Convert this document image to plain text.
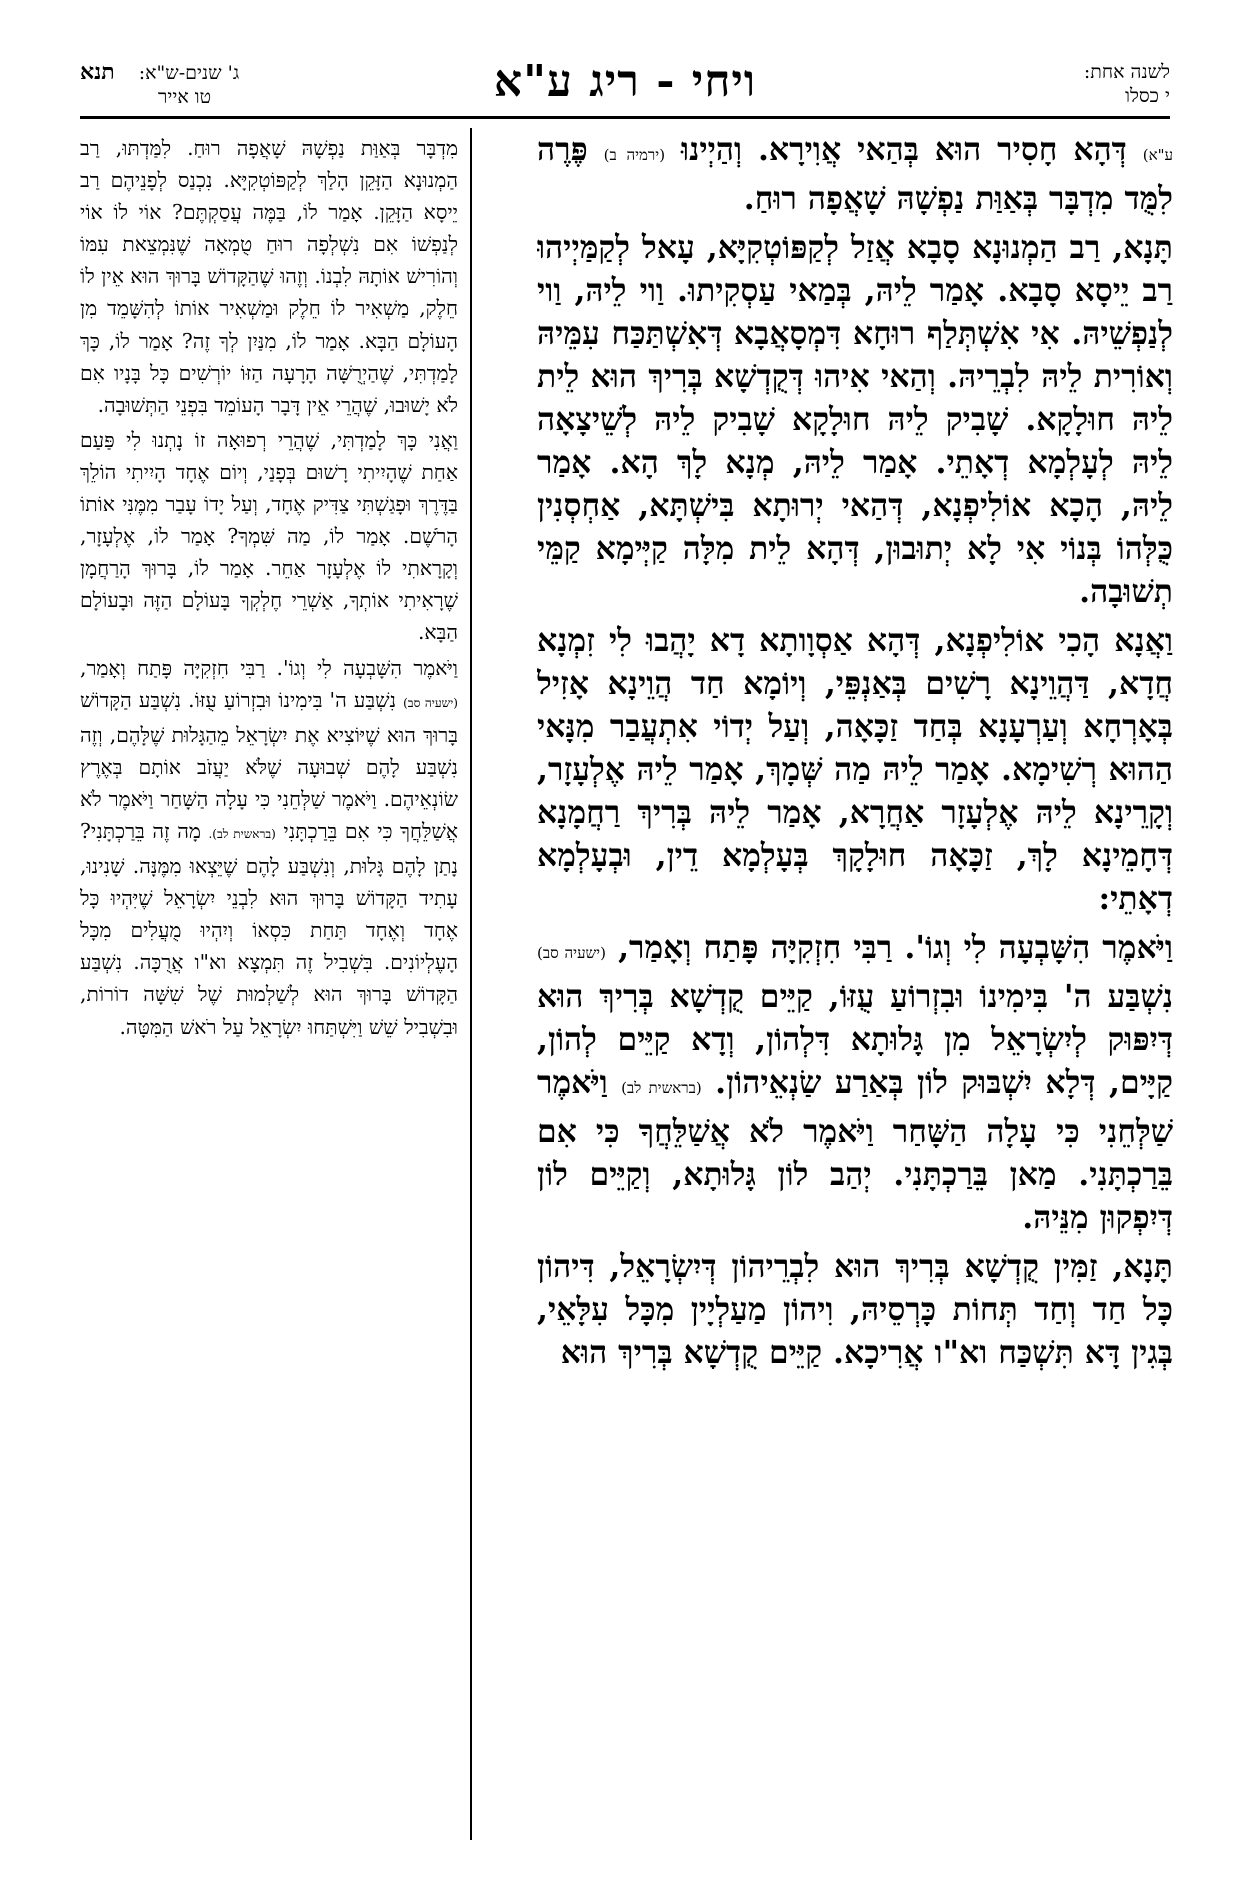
לשנה אחת:
י כסלו
ויחי - ריג ע"א
ג' שנים-ש"א: תנא
טו אייר

ע"א) דְּהָא חָסִיר הוּא בְּהַאי אֲוִירָא. וְהַיְינוּ (ירמיה ב) פֶּרֶה לִמֻּד מִדְבָּר בְּאַוַּת נַפְשָׁהּ שָׁאֲפָה רוּחַ.

תָּנָא, רַב הַמְנוּנָא סָבָא אֲזַל לְקַפּוֹטְקִיָּא, עָאל לְקַמַּיְיהוּ רַב יֵיסָא סָבָא. אָמַר לֵיהּ, בְּמַאי עַסְקִיתוּ. וַוי לֵיהּ, וַוי לְנַפְשֵׁיהּ. אִי אִשְׁתְּלַף רוּחָא דִּמְסָאֲבָא דְּאִשְׁתַּכַּח עִמֵּיהּ וְאוֹרִית לֵיהּ לִבְרֵיהּ. וְהַאי אִיהוּ דְּקֻדְשָׁא בְּרִיךְ הוּא לֵית לֵיהּ חוּלָקָא. שָׁבִיק לֵיהּ חוּלָקָא שָׁבִיק לֵיהּ לְשֵׁיצָאָה לֵיהּ לְעָלְמָא דְאָתֵי. אָמַר לֵיהּ, מְנָא לָךְ הָא. אָמַר לֵיהּ, הָכָא אוֹלִיפְנָא, דְּהַאי יְרוּתָא בִּישְׁתָּא, אַחְסְנִין כֻּלְּהוֹ בְּנוֹי אִי לָא יְתוּבוּן, דְּהָא לֵית מִלָּה קַיְּימָא קַמֵּי תְשׁוּבָה.

וַאֲנָא הָכִי אוֹלִיפְנָא, דְּהָא אַסְוָותָא דָא יָהֲבוּ לִי זִמְנָא חֲדָא, דַּהֲוֵינָא רָשִׁים בְּאַנְפֵּי, וְיוֹמָא חַד הֲוֵינָא אָזִיל בְּאָרְחָא וְעַרְעָנָא בְּחַד זַכָּאָה, וְעַל יְדוֹי אִתְעֲבַר מִנָּאי הַהוּא רְשִׁימָא. אָמַר לֵיהּ מַה שְּׁמָךְ, אָמַר לֵיהּ אֶלְעָזָר, וְקָרֵינָא לֵיהּ אֶלְעָזָר אַחֲרָא, אָמַר לֵיהּ בְּרִיךְ רַחֲמָנָא דְּחָמֵינָא לָךְ, זַכָּאָה חוּלָקָךְ בְּעָלְמָא דֵין, וּבְעָלְמָא דְאָתֵי:

וַיֹּאמֶר הִשָּׁבְעָה לִי וְגוֹ'. רַבִּי חִזְקִיָּה פָּתַח וְאָמַר, (ישעיה סב) נִשְׁבַּע ה' בִּימִינוֹ וּבִזְרוֹעַ עֻזּוֹ, קַיֵּים קֻדְשָׁא בְּרִיךְ הוּא דְּיִפּוּק לְיִשְׂרָאֵל מִן גָּלוּתָא דִּלְהוֹן, וְדָא קַיֵּים לְהוֹן, קַיָּים, דְּלָא יִשְׁבּוּק לוֹן בְּאַרַע שַׂנְאֵיהוֹן. (בראשית לב) וַיֹּאמֶר שַׁלְּחֵנִי כִּי עָלָה הַשָּׁחַר וַיֹּאמֶר לֹא אֲשַׁלֵּחֲךָ כִּי אִם בֵּרַכְתָּנִי. מַאן בֵּרַכְתָּנִי. יְהַב לוֹן גָּלוּתָא, וְקַיֵּים לוֹן דְּיִפְקוּן מִנֵּיהּ.

תָּנָא, זַמִּין קֻדְשָׁא בְּרִיךְ הוּא לִבְרֵיהוֹן דְּיִשְׂרָאֵל, דִּיהוֹן כָּל חַד וְחַד תְּחוֹת כָּרְסֵיהּ, וִיהוֹן מַעַלְיָין מִכָּל עִלָּאֵי, בְּגִין דָּא תִּשְׁכַּח וא"ו אֲרִיכָא. קַיֵּים קֻדְשָׁא בְּרִיךְ הוּא

מִדְבָּר בְּאַוַּת נַפְשָׁהּ שָׁאֲפָה רוּחַ. לִמַּדְתּוּ, רַב הַמְנוּנָא הַזָּקֵן הָלַךְ לְקַפּוֹטְקִיָּא. נִכְנַס לְפָנֵיהֶם רַב יֵיסָא הַזָּקֵן. אָמַר לוֹ, בַּמֶּה עֲסַקְתֶּם? אוֹי לוֹ אוֹי לְנַפְשׁוֹ אִם נִשְׁלְפָה רוּחַ טֻמְאָה שֶׁנִּמְצֵאת עִמּוֹ וְהוֹרִישׁ אוֹתָהּ לִבְנוֹ. וְזֶהוּ שֶׁהַקָּדוֹשׁ בָּרוּךְ הוּא אֵין לוֹ חֵלֶק, מַשְׁאִיר לוֹ חֵלֶק וּמַשְׁאִיר אוֹתוֹ לְהִשָּׁמֵד מִן הָעוֹלָם הַבָּא. אָמַר לוֹ, מִנַּיִן לְךָ זֶה? אָמַר לוֹ, כָּךְ לָמַדְתִּי, שֶׁהַיְרֻשָּׁה הָרָעָה הַזּוֹ יוֹרְשִׁים כָּל בָּנָיו אִם לֹא יָשׁוּבוּ, שֶׁהֲרֵי אֵין דָּבָר הָעוֹמֵד בִּפְנֵי הַתְּשׁוּבָה.

וַאֲנִי כָּךְ לָמַדְתִּי, שֶׁהֲרֵי רְפוּאָה זוֹ נָתְנוּ לִי פַּעַם אַחַת שֶׁהָיִיתִי רָשׁוּם בְּפָנַי, וְיוֹם אֶחָד הָיִיתִי הוֹלֵךְ בַּדֶּרֶךְ וּפָגַשְׁתִּי צַדִּיק אֶחָד, וְעַל יָדוֹ עָבַר מִמֶּנִּי אוֹתוֹ הָרֹשֶׁם. אָמַר לוֹ, מַה שִּׁמְךָ? אָמַר לוֹ, אֶלְעָזָר, וְקָרָאתִי לוֹ אֶלְעָזָר אַחֵר. אָמַר לוֹ, בָּרוּךְ הָרַחֲמָן שֶׁרָאִיתִי אוֹתְךָ, אַשְׁרֵי חֶלְקְךָ בָּעוֹלָם הַזֶּה וּבָעוֹלָם הַבָּא.

וַיֹּאמֶר הִשָּׁבְעָה לִי וְגוֹ'. רַבִּי חִזְקִיָּה פָּתַח וְאָמַר, (ישעיה סב) נִשְׁבַּע ה' בִּימִינוֹ וּבִזְרוֹעַ עֻזּוֹ. נִשְׁבַּע הַקָּדוֹשׁ בָּרוּךְ הוּא שֶׁיּוֹצִיא אֶת יִשְׂרָאֵל מֵהַגָּלוּת שֶׁלָּהֶם, וְזֶה נִשְׁבַּע לָהֶם שְׁבוּעָה שֶׁלֹּא יַעֲזֹב אוֹתָם בְּאֶרֶץ שׂוֹנְאֵיהֶם. וַיֹּאמֶר שַׁלְּחֵנִי כִּי עָלָה הַשָּׁחַר וַיֹּאמֶר לֹא אֲשַׁלֵּחֲךָ כִּי אִם בֵּרַכְתָּנִי (בראשית לב). מָה זֶה בֵּרַכְתָּנִי? נָתַן לָהֶם גָּלוּת, וְנִשְׁבַּע לָהֶם שֶׁיֵּצְאוּ מִמֶּנָּה. שָׁנִינוּ, עָתִיד הַקָּדוֹשׁ בָּרוּךְ הוּא לִבְנֵי יִשְׂרָאֵל שֶׁיִּהְיוּ כָּל אֶחָד וְאֶחָד תַּחַת כִּסְאוֹ וְיִהְיוּ מֻעֲלִים מִכָּל הָעֶלְיוֹנִים. בִּשְׁבִיל זֶה תִּמְצָא וא"ו אֲרֻכָּה. נִשְׁבַּע הַקָּדוֹשׁ בָּרוּךְ הוּא לְשַׁלְמוּת שֶׁל שִׁשָּׁה דוֹרוֹת, וּבִשְׁבִיל שֵׁשׁ וַיִּשְׁתַּחוּ יִשְׂרָאֵל עַל רֹאשׁ הַמִּטָּה.
